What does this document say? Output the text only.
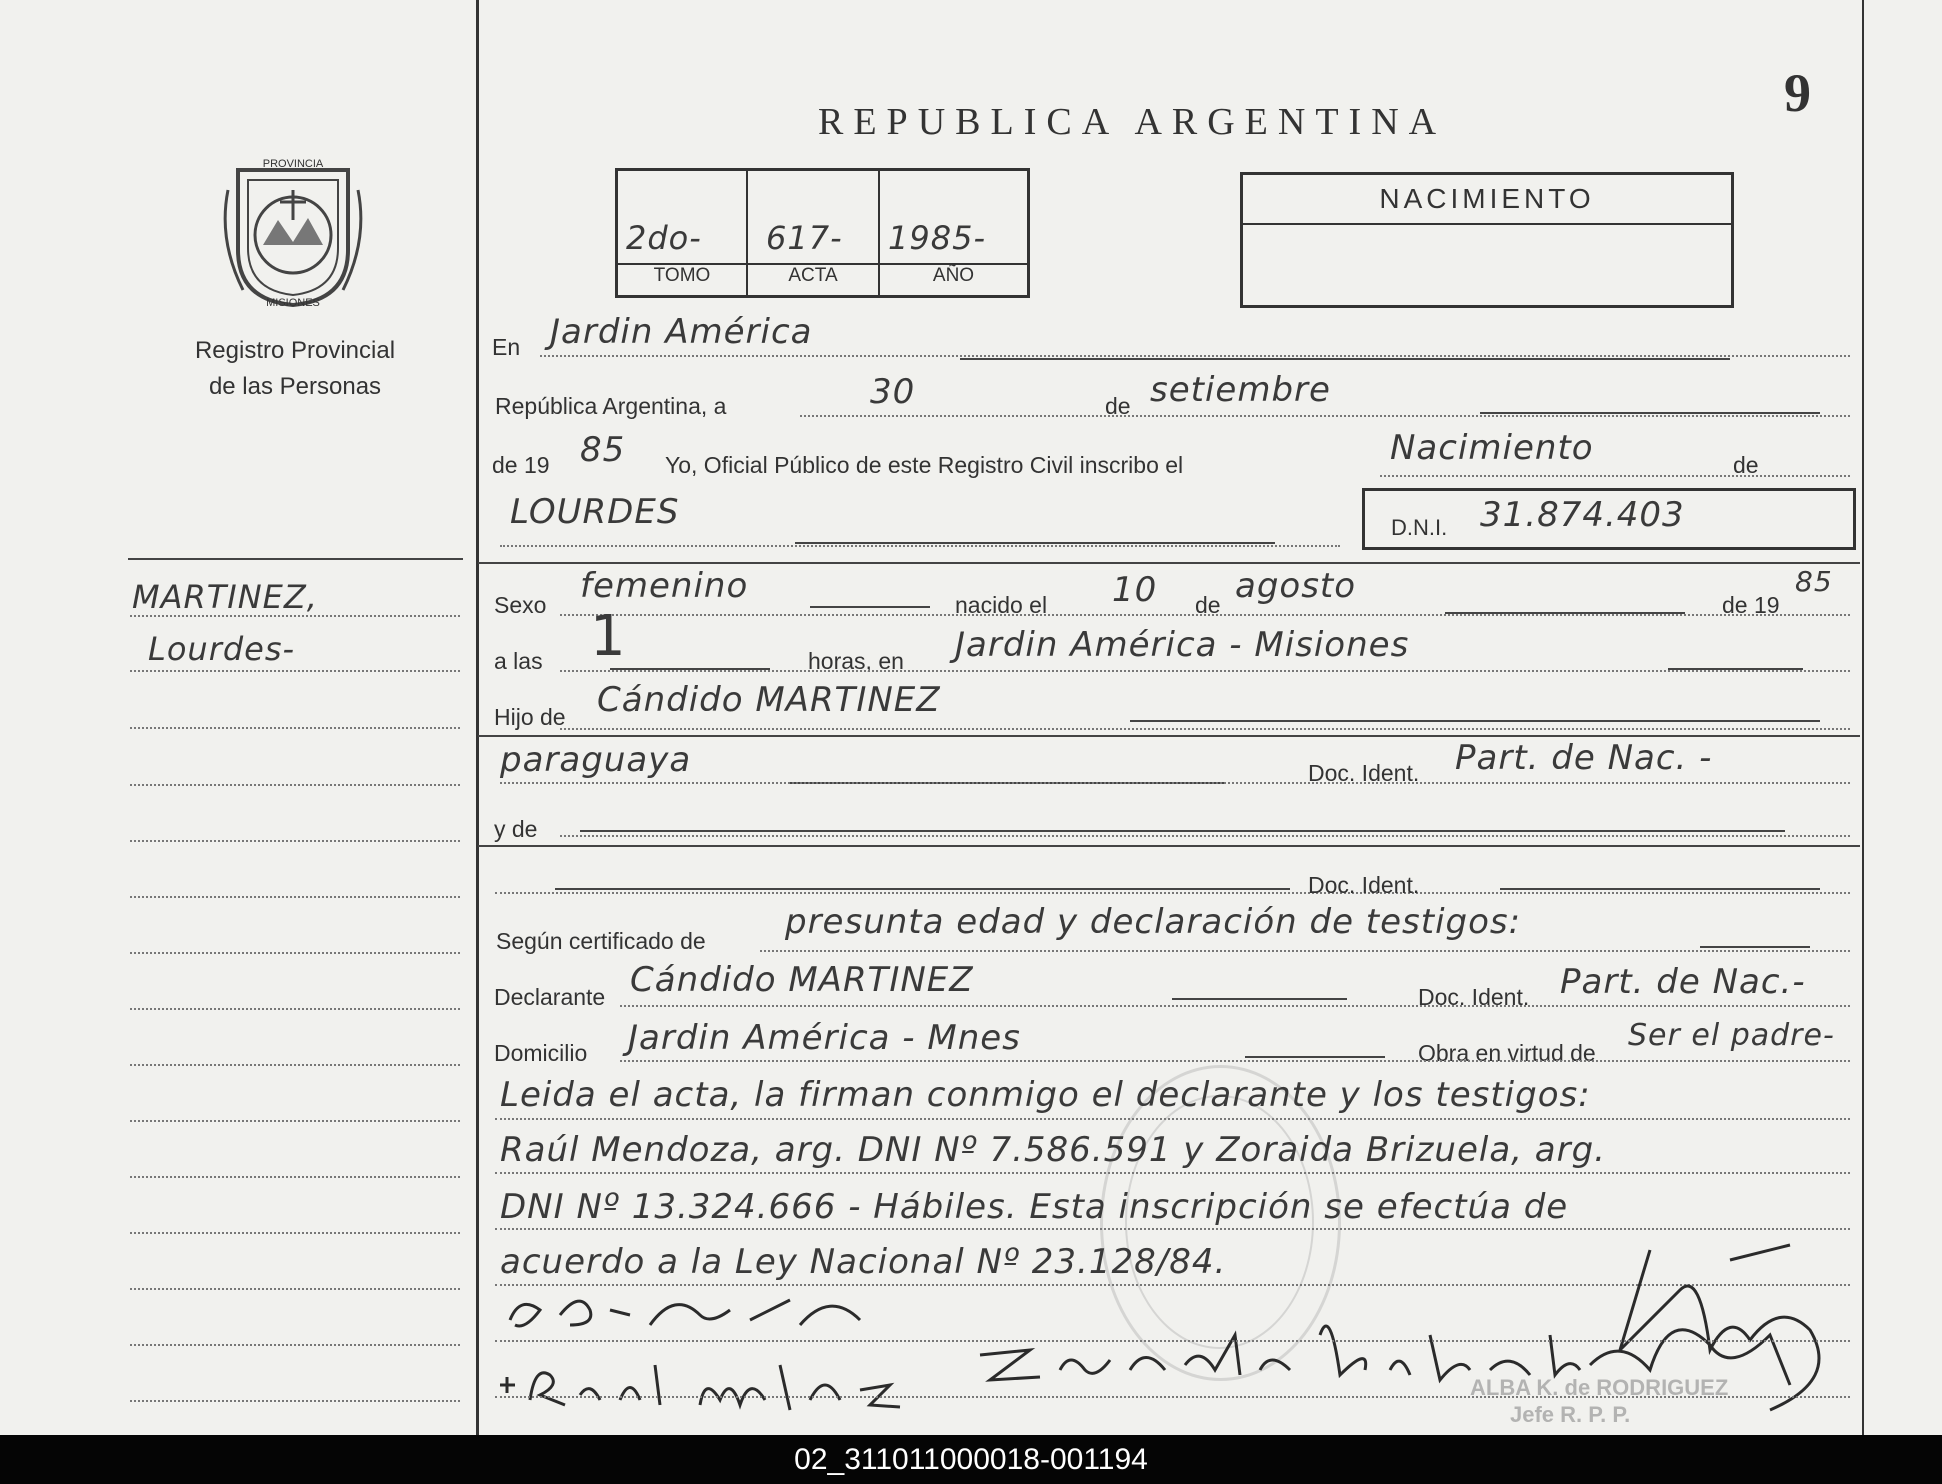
PROVINCIA
MISIONES
Registro Provincial
de las Personas
MARTINEZ,
Lourdes-
9
REPUBLICA ARGENTINA
2do-
TOMO
617-
ACTA
1985-
AÑO
NACIMIENTO
En Jardin América
República Argentina, a	30	de setiembre
de 19 85 Yo, Oficial Público de este Registro Civil inscribo el	Nacimiento	de
LOURDES	D.N.I. 31.874.403
Sexo femenino	nacido el 10 de agosto	de 19
85
a las 1	horas, en Jardin América - Misiones
Hijo de Cándido MARTINEZ
paraguaya	Doc. Ident. Part. de Nac. -
y de
Doc. Ident.
Según certificado de presunta edad y declaración de testigos:
Declarante Cándido MARTINEZ	Doc. Ident. Part. de Nac.-
Domicilio Jardin América - Mnes	Obra en virtud de Ser el padre-
Leida el acta, la firman conmigo el declarante y los testigos:
Raúl Mendoza, arg. DNI Nº 7.586.591 y Zoraida Brizuela, arg.
DNI Nº 13.324.666 - Hábiles. Esta inscripción se efectúa de
acuerdo a la Ley Nacional Nº 23.128/84.
ALBA K. de RODRIGUEZ
Jefe R. P. P.
02_311011000018-001194
